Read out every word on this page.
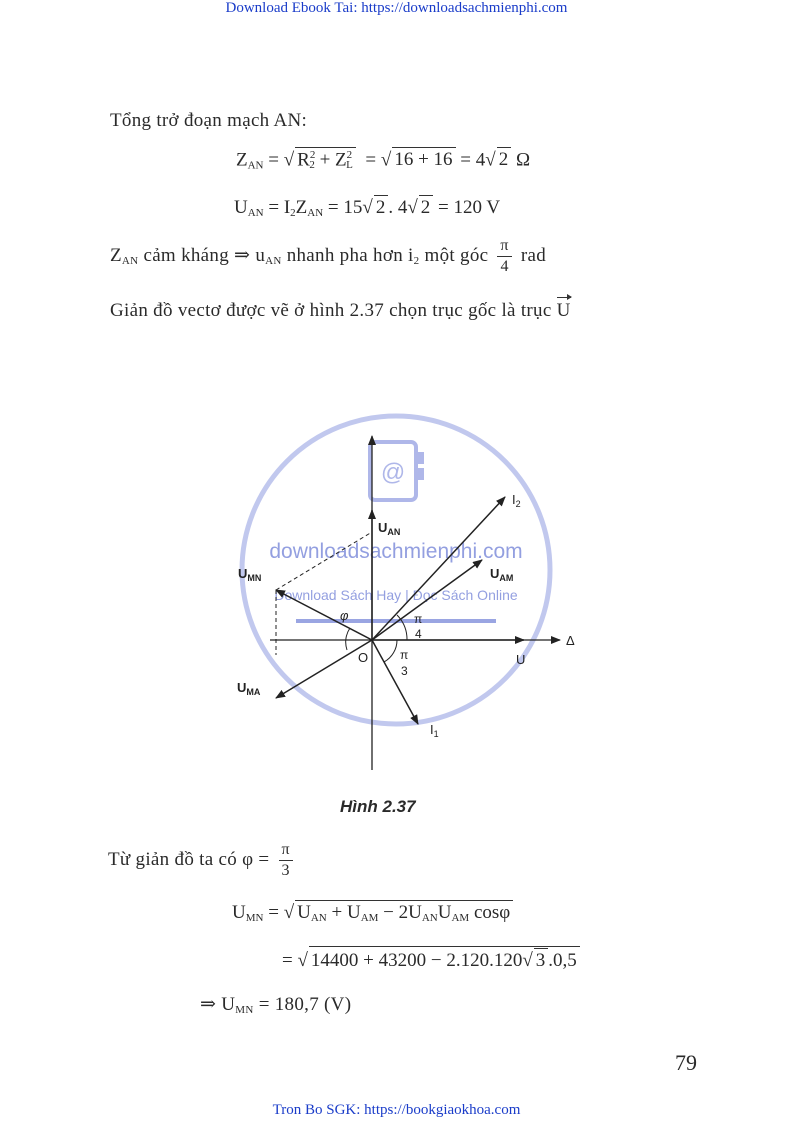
Download Ebook Tai: https://downloadsachmienphi.com
Tổng trở đoạn mạch AN:
$Z_{AN}$ = √ $R^2_2 + Z^2_L$ = √ 16 + 16 = 4√ 2 Ω
$U_{AN} = I_2Z_{AN} = 15√$ 2 . 4√ 2 = 120 V
$Z_{AN}$ cảm kháng ⇒ $u_{AN}$ nhanh pha hơn $i_2$ một góc $\frac{\pi}{4}$ rad
Giản đồ vectơ được vẽ ở hình 2.37 chọn trục gốc là trục U
@
downloadsachmienphi.com
Download Sách Hay | Đọc Sách Online
$I_2$
$U_{AN}$
$U_{MN}$	$U_{AM}$
$U_{MA}$
$I_1$
U
O
Δ
φ	π
4
π
3
Hình 2.37
Từ giản đồ ta có $\varphi = \frac{\pi}{3}$
$U_{MN}$ = √ $U_{AN} + U_{AM} - 2U_{AN}U_{AM}$ cosφ
= √ 14400 + 43200 − 2.120.120√ 3 .0,5
⇒ $U_{MN} = 180,7$ (V)
79
Tron Bo SGK: https://bookgiaokhoa.com
